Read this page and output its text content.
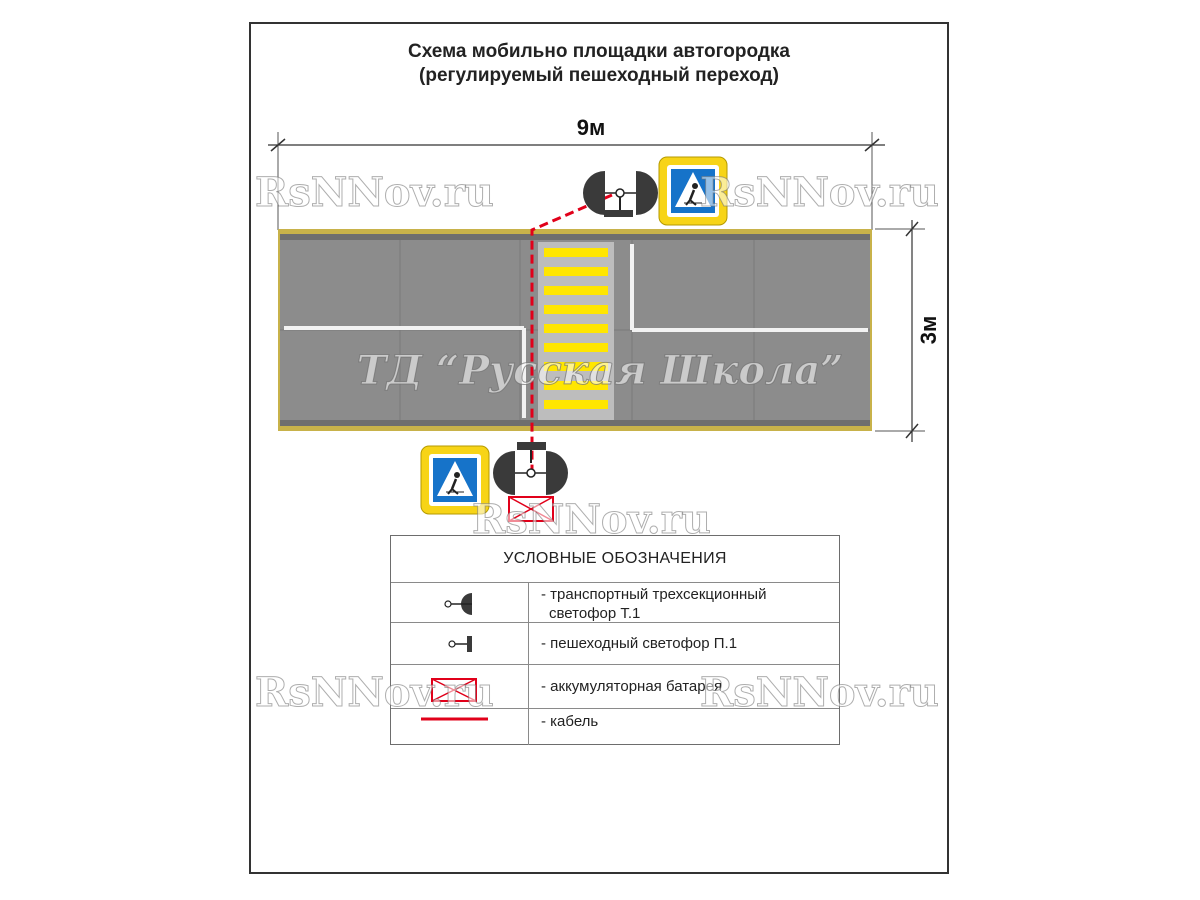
Схема мобильно площадки автогородка
(регулируемый пешеходный переход)
9м
3м
УСЛОВНЫЕ ОБОЗНАЧЕНИЯ
- транспортный трехсекционный
светофор Т.1
- пешеходный светофор П.1
- аккумуляторная батарея
- кабель
RsNNov.ru	RsNNov.ru
ТД “Русская Школа”
RsNNov.ru
RsNNov.ru	RsNNov.ru
